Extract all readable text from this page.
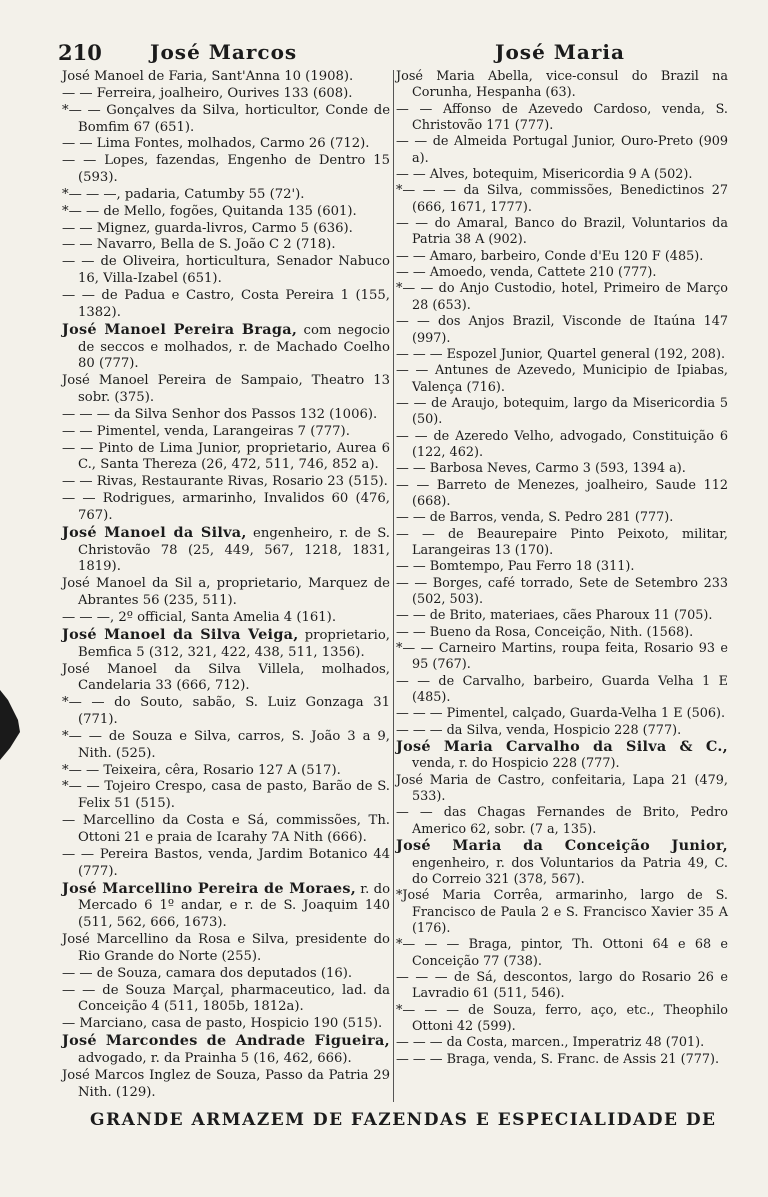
210 José Marcos	José Maria

José Manoel de Faria, Sant'Anna 10 (1908).

— — Ferreira, joalheiro, Ourives 133 (608).

*— — Gonçalves da Silva, horticultor, Conde de Bomfim 67 (651).

— — Lima Fontes, molhados, Carmo 26 (712).

— — Lopes, fazendas, Engenho de Dentro 15 (593).

*— — —, padaria, Catumby 55 (72').

*— — de Mello, fogões, Quitanda 135 (601).

— — Mignez, guarda-livros, Carmo 5 (636).

— — Navarro, Bella de S. João C 2 (718).

— — de Oliveira, horticultura, Senador Nabuco 16, Villa-Izabel (651).

— — de Padua e Castro, Costa Pereira 1 (155, 1382).

José Manoel Pereira Braga, com negocio de seccos e molhados, r. de Machado Coelho 80 (777).

José Manoel Pereira de Sampaio, Theatro 13 sobr. (375).

— — — da Silva Senhor dos Passos 132 (1006).

— — Pimentel, venda, Larangeiras 7 (777).

— — Pinto de Lima Junior, proprietario, Aurea 6 C., Santa Thereza (26, 472, 511, 746, 852 a).

— — Rivas, Restaurante Rivas, Rosario 23 (515).

— — Rodrigues, armarinho, Invalidos 60 (476, 767).

José Manoel da Silva, engenheiro, r. de S. Christovão 78 (25, 449, 567, 1218, 1831, 1819).

José Manoel da Sil a, proprietario, Marquez de Abrantes 56 (235, 511).

— — —, 2º official, Santa Amelia 4 (161).

José Manoel da Silva Veiga, proprietario, Bemfica 5 (312, 321, 422, 438, 511, 1356).

José Manoel da Silva Villela, molhados, Candelaria 33 (666, 712).

*— — do Souto, sabão, S. Luiz Gonzaga 31 (771).

*— — de Souza e Silva, carros, S. João 3 a 9, Nith. (525).

*— — Teixeira, cêra, Rosario 127 A (517).

*— — Tojeiro Crespo, casa de pasto, Barão de S. Felix 51 (515).

— Marcellino da Costa e Sá, commissões, Th. Ottoni 21 e praia de Icarahy 7A Nith (666).

— — Pereira Bastos, venda, Jardim Botanico 44 (777).

José Marcellino Pereira de Moraes, r. do Mercado 6 1º andar, e r. de S. Joaquim 140 (511, 562, 666, 1673).

José Marcellino da Rosa e Silva, presidente do Rio Grande do Norte (255).

— — de Souza, camara dos deputados (16).

— — de Souza Marçal, pharmaceutico, lad. da Conceição 4 (511, 1805b, 1812a).

— Marciano, casa de pasto, Hospicio 190 (515).

José Marcondes de Andrade Figueira, advogado, r. da Prainha 5 (16, 462, 666).

José Marcos Inglez de Souza, Passo da Patria 29 Nith. (129).

José Maria Abella, vice-consul do Brazil na Corunha, Hespanha (63).

— — Affonso de Azevedo Cardoso, venda, S. Christovão 171 (777).

— — de Almeida Portugal Junior, Ouro-Preto (909 a).

— — Alves, botequim, Misericordia 9 A (502).

*— — — da Silva, commissões, Benedictinos 27 (666, 1671, 1777).

— — do Amaral, Banco do Brazil, Voluntarios da Patria 38 A (902).

— — Amaro, barbeiro, Conde d'Eu 120 F (485).

— — Amoedo, venda, Cattete 210 (777).

*— — do Anjo Custodio, hotel, Primeiro de Março 28 (653).

— — dos Anjos Brazil, Visconde de Itaúna 147 (997).

— — — Espozel Junior, Quartel general (192, 208).

— — Antunes de Azevedo, Municipio de Ipiabas, Valença (716).

— — de Araujo, botequim, largo da Misericordia 5 (50).

— — de Azeredo Velho, advogado, Constituição 6 (122, 462).

— — Barbosa Neves, Carmo 3 (593, 1394 a).

— — Barreto de Menezes, joalheiro, Saude 112 (668).

— — de Barros, venda, S. Pedro 281 (777).

— — de Beaurepaire Pinto Peixoto, militar, Larangeiras 13 (170).

— — Bomtempo, Pau Ferro 18 (311).

— — Borges, café torrado, Sete de Setembro 233 (502, 503).

— — de Brito, materiaes, cães Pharoux 11 (705).

— — Bueno da Rosa, Conceição, Nith. (1568).

*— — Carneiro Martins, roupa feita, Rosario 93 e 95 (767).

— — de Carvalho, barbeiro, Guarda Velha 1 E (485).

— — — Pimentel, calçado, Guarda-Velha 1 E (506).

— — — da Silva, venda, Hospicio 228 (777).

José Maria Carvalho da Silva & C., venda, r. do Hospicio 228 (777).

José Maria de Castro, confeitaria, Lapa 21 (479, 533).

— — das Chagas Fernandes de Brito, Pedro Americo 62, sobr. (7 a, 135).

José Maria da Conceição Junior, engenheiro, r. dos Voluntarios da Patria 49, C. do Correio 321 (378, 567).

*José Maria Corrêa, armarinho, largo de S. Francisco de Paula 2 e S. Francisco Xavier 35 A (176).

*— — — Braga, pintor, Th. Ottoni 64 e 68 e Conceição 77 (738).

— — — de Sá, descontos, largo do Rosario 26 e Lavradio 61 (511, 546).

*— — — de Souza, ferro, aço, etc., Theophilo Ottoni 42 (599).

— — — da Costa, marcen., Imperatriz 48 (701).

— — — Braga, venda, S. Franc. de Assis 21 (777).

GRANDE ARMAZEM DE FAZENDAS E ESPECIALIDADE DE
